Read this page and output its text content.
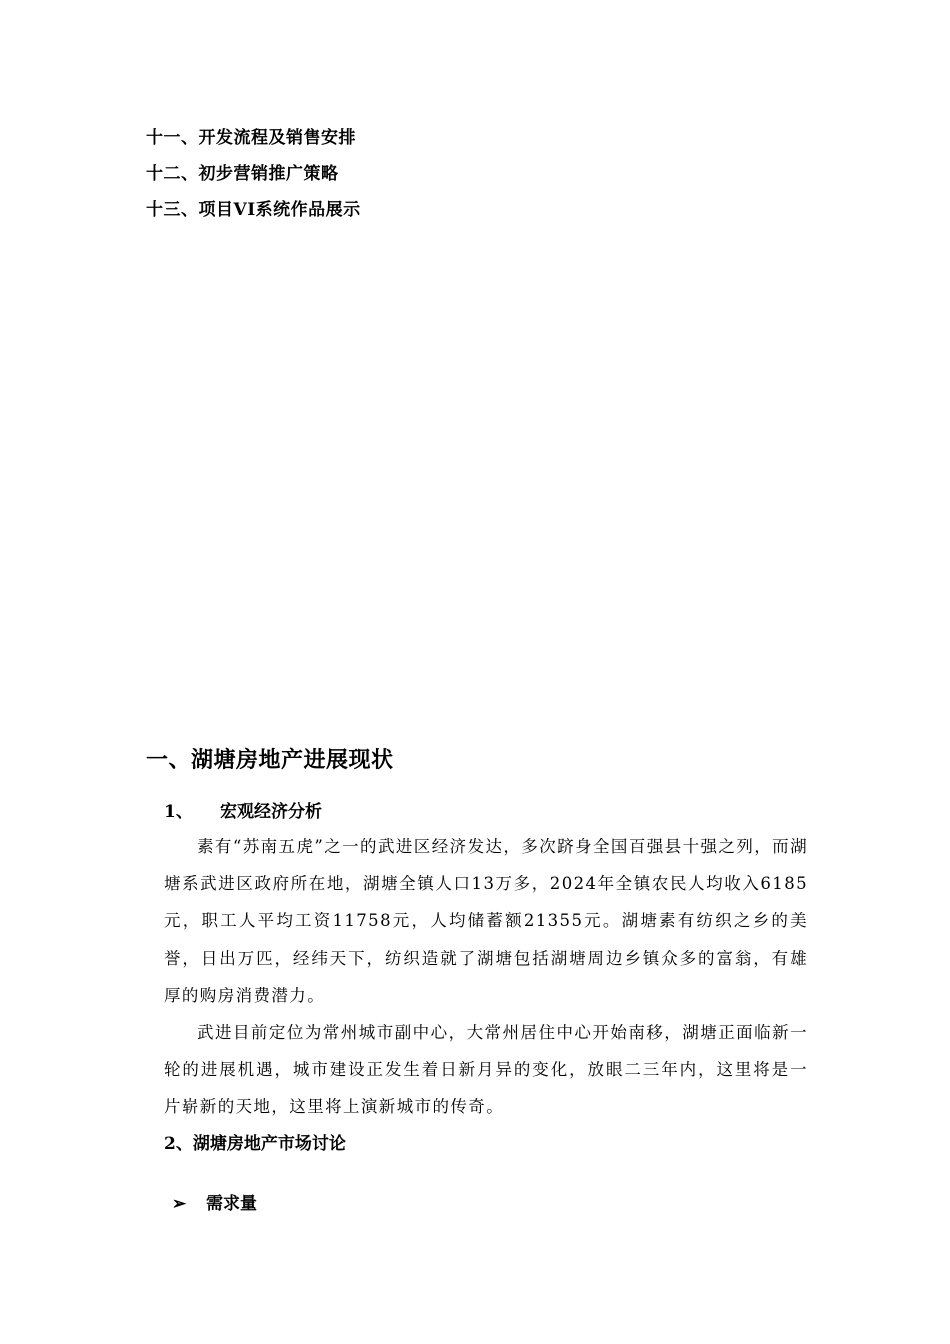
十一、开发流程及销售安排
十二、初步营销推广策略
十三、项目VI系统作品展示
一、湖塘房地产进展现状
1、 宏观经济分析
素有“苏南五虎”之一的武进区经济发达，多次跻身全国百强县十强之列，而湖塘系武进区政府所在地，湖塘全镇人口13万多，2024年全镇农民人均收入6185元，职工人平均工资11758元，人均储蓄额21355元。湖塘素有纺织之乡的美誉，日出万匹，经纬天下，纺织造就了湖塘包括湖塘周边乡镇众多的富翁，有雄厚的购房消费潜力。
武进目前定位为常州城市副中心，大常州居住中心开始南移，湖塘正面临新一轮的进展机遇，城市建设正发生着日新月异的变化，放眼二三年内，这里将是一片崭新的天地，这里将上演新城市的传奇。
2、湖塘房地产市场讨论
➢ 需求量
